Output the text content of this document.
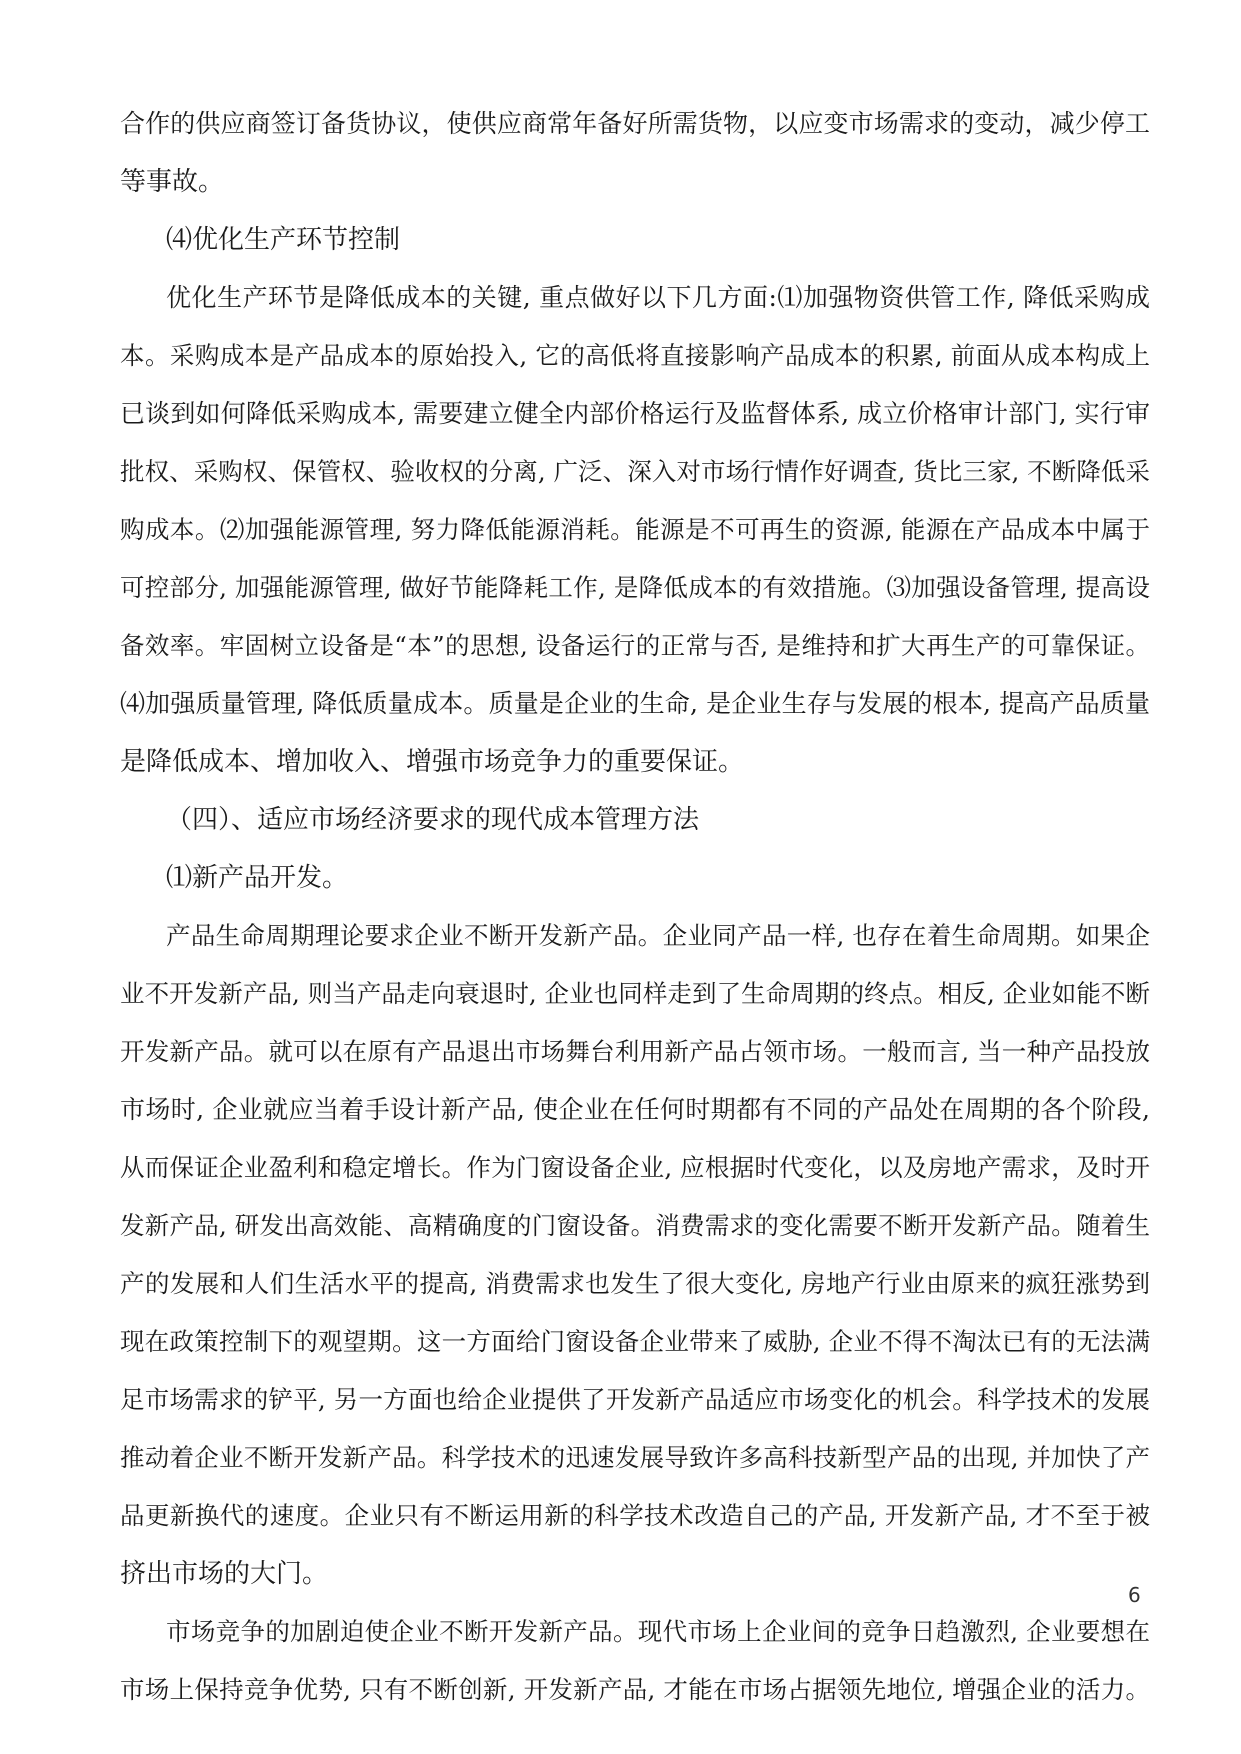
合作的供应商签订备货协议，使供应商常年备好所需货物，以应变市场需求的变动，减少停工
等事故。
⑷优化生产环节控制
优化生产环节是降低成本的关键, 重点做好以下几方面:⑴加强物资供管工作, 降低采购成
本。采购成本是产品成本的原始投入, 它的高低将直接影响产品成本的积累, 前面从成本构成上
已谈到如何降低采购成本, 需要建立健全内部价格运行及监督体系, 成立价格审计部门, 实行审
批权、采购权、保管权、验收权的分离, 广泛、深入对市场行情作好调查, 货比三家, 不断降低采
购成本。⑵加强能源管理, 努力降低能源消耗。能源是不可再生的资源, 能源在产品成本中属于
可控部分, 加强能源管理, 做好节能降耗工作, 是降低成本的有效措施。⑶加强设备管理, 提高设
备效率。牢固树立设备是“本”的思想, 设备运行的正常与否, 是维持和扩大再生产的可靠保证。
⑷加强质量管理, 降低质量成本。质量是企业的生命, 是企业生存与发展的根本, 提高产品质量
是降低成本、增加收入、增强市场竞争力的重要保证。
（四）、适应市场经济要求的现代成本管理方法
⑴新产品开发。
产品生命周期理论要求企业不断开发新产品。企业同产品一样, 也存在着生命周期。如果企
业不开发新产品, 则当产品走向衰退时, 企业也同样走到了生命周期的终点。相反, 企业如能不断
开发新产品。就可以在原有产品退出市场舞台利用新产品占领市场。一般而言, 当一种产品投放
市场时, 企业就应当着手设计新产品, 使企业在任何时期都有不同的产品处在周期的各个阶段,
从而保证企业盈利和稳定增长。作为门窗设备企业, 应根据时代变化，以及房地产需求，及时开
发新产品, 研发出高效能、高精确度的门窗设备。消费需求的变化需要不断开发新产品。随着生
产的发展和人们生活水平的提高, 消费需求也发生了很大变化, 房地产行业由原来的疯狂涨势到
现在政策控制下的观望期。这一方面给门窗设备企业带来了威胁, 企业不得不淘汰已有的无法满
足市场需求的铲平, 另一方面也给企业提供了开发新产品适应市场变化的机会。科学技术的发展
推动着企业不断开发新产品。科学技术的迅速发展导致许多高科技新型产品的出现, 并加快了产
品更新换代的速度。企业只有不断运用新的科学技术改造自己的产品, 开发新产品, 才不至于被
挤出市场的大门。
市场竞争的加剧迫使企业不断开发新产品。现代市场上企业间的竞争日趋激烈, 企业要想在
市场上保持竞争优势, 只有不断创新, 开发新产品, 才能在市场占据领先地位, 增强企业的活力。
6
